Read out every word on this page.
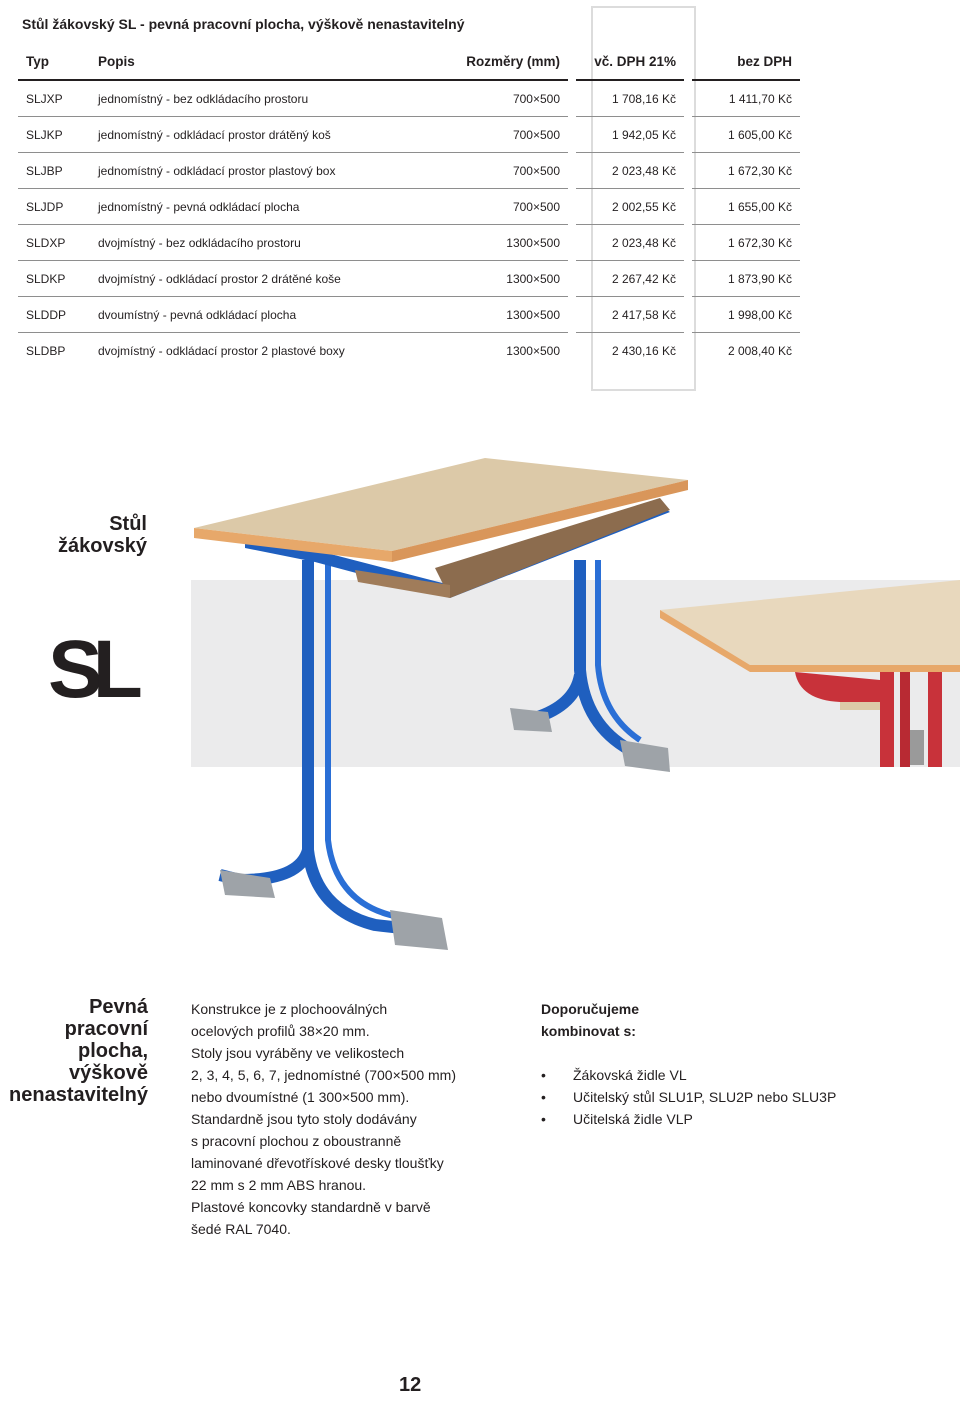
Stůl žákovský SL - pevná pracovní plocha, výškově nenastavitelný
Typ	Popis	Rozměry (mm)		vč. DPH 21%		bez DPH
SLJXP	jednomístný - bez odkládacího prostoru	700×500		1 708,16 Kč		1 411,70 Kč
SLJKP	jednomístný - odkládací prostor drátěný koš	700×500		1 942,05 Kč		1 605,00 Kč
SLJBP	jednomístný - odkládací prostor plastový box	700×500		2 023,48 Kč		1 672,30 Kč
SLJDP	jednomístný - pevná odkládací plocha	700×500		2 002,55 Kč		1 655,00 Kč
SLDXP	dvojmístný - bez odkládacího prostoru	1300×500		2 023,48 Kč		1 672,30 Kč
SLDKP	dvojmístný - odkládací prostor 2 drátěné koše	1300×500		2 267,42 Kč		1 873,90 Kč
SLDDP	dvoumístný - pevná odkládací plocha	1300×500		2 417,58 Kč		1 998,00 Kč
SLDBP	dvojmístný - odkládací prostor 2 plastové boxy	1300×500		2 430,16 Kč		2 008,40 Kč
Stůl
žákovský
SL
Pevná
pracovní
plocha,
výškově
nenastavitelný

Konstrukce je z plochooválných

ocelových profilů 38×20 mm.

Stoly jsou vyráběny ve velikostech

2, 3, 4, 5, 6, 7, jednomístné (700×500 mm)

nebo dvoumístné (1 300×500 mm).

Standardně jsou tyto stoly dodávány

s pracovní plochou z oboustranně

laminované dřevotřískové desky tloušťky

22 mm s 2 mm ABS hranou.

Plastové koncovky standardně v barvě

šedé RAL 7040.

Doporučujeme
kombinovat s:
• Žákovská židle VL
• Učitelský stůl SLU1P, SLU2P nebo SLU3P
• Učitelská židle VLP
12
